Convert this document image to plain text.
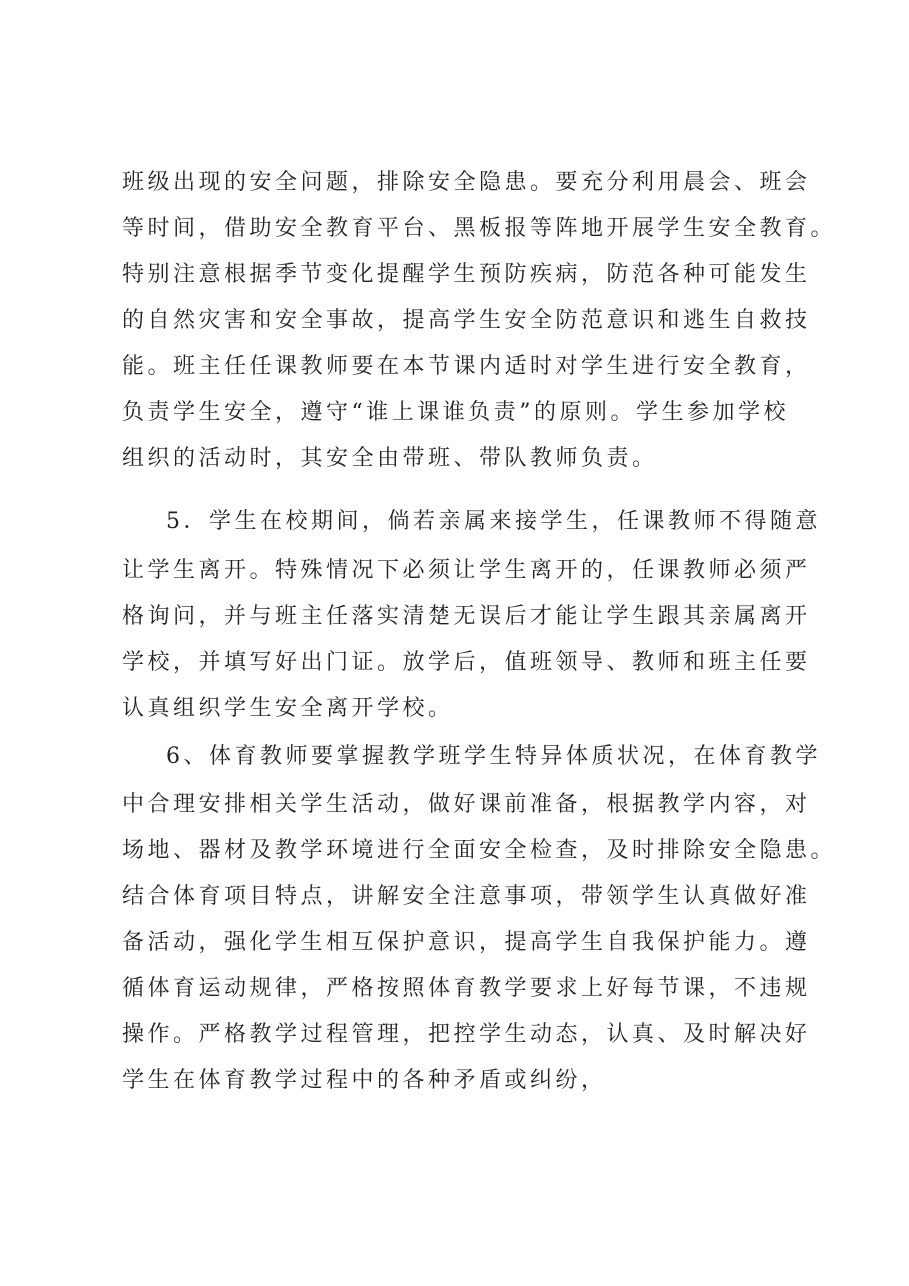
班级出现的安全问题，排除安全隐患。要充分利用晨会、班会
等时间，借助安全教育平台、黑板报等阵地开展学生安全教育。
特别注意根据季节变化提醒学生预防疾病，防范各种可能发生
的自然灾害和安全事故，提高学生安全防范意识和逃生自救技
能。班主任任课教师要在本节课内适时对学生进行安全教育，
负责学生安全，遵守“谁上课谁负责”的原则。学生参加学校
组织的活动时，其安全由带班、带队教师负责。
5．学生在校期间，倘若亲属来接学生，任课教师不得随意
让学生离开。特殊情况下必须让学生离开的，任课教师必须严
格询问，并与班主任落实清楚无误后才能让学生跟其亲属离开
学校，并填写好出门证。放学后，值班领导、教师和班主任要
认真组织学生安全离开学校。
6、体育教师要掌握教学班学生特异体质状况，在体育教学
中合理安排相关学生活动，做好课前准备，根据教学内容，对
场地、器材及教学环境进行全面安全检查，及时排除安全隐患。
结合体育项目特点，讲解安全注意事项，带领学生认真做好准
备活动，强化学生相互保护意识，提高学生自我保护能力。遵
循体育运动规律，严格按照体育教学要求上好每节课，不违规
操作。严格教学过程管理，把控学生动态，认真、及时解决好
学生在体育教学过程中的各种矛盾或纠纷，
